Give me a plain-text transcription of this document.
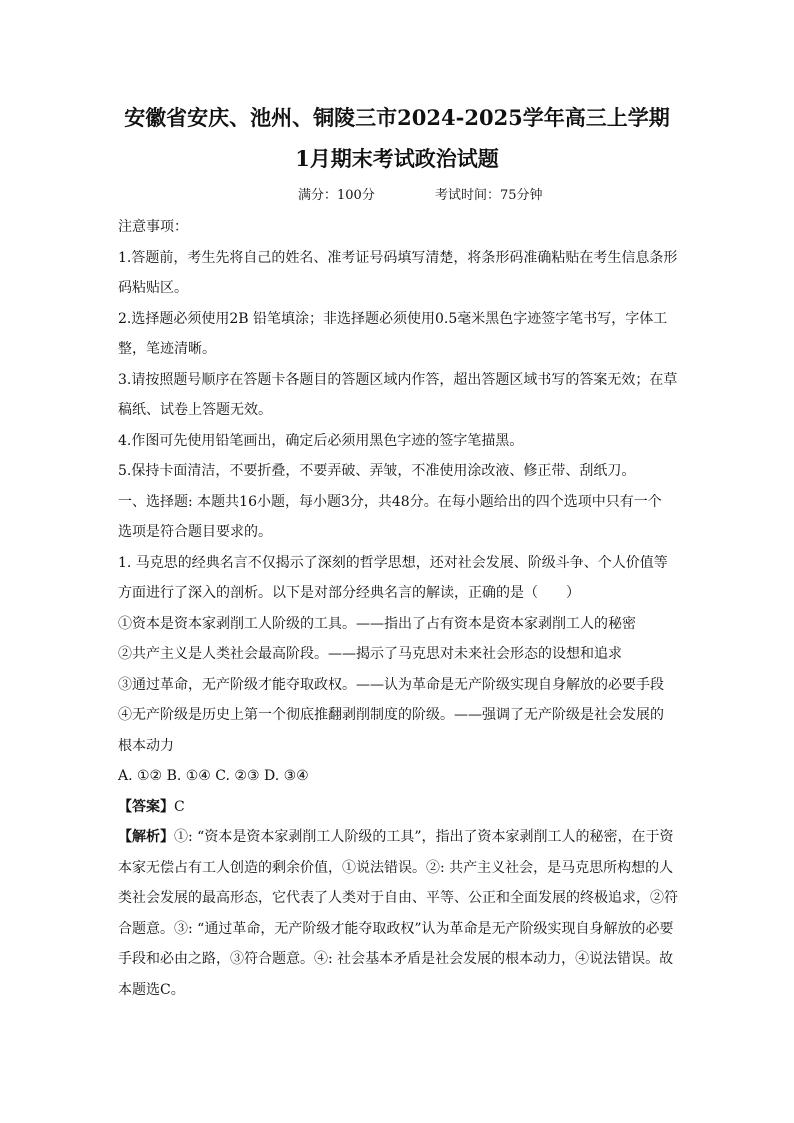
安徽省安庆、池州、铜陵三市2024-2025学年高三上学期
1月期末考试政治试题
满分：100分	考试时间：75分钟
注意事项：
1.答题前，考生先将自己的姓名、准考证号码填写清楚，将条形码准确粘贴在考生信息条形
码粘贴区。
2.选择题必须使用2B 铅笔填涂；非选择题必须使用0.5毫米黑色字迹签字笔书写，字体工
整，笔迹清晰。
3.请按照题号顺序在答题卡各题目的答题区域内作答，超出答题区域书写的答案无效；在草
稿纸、试卷上答题无效。
4.作图可先使用铅笔画出，确定后必须用黑色字迹的签字笔描黑。
5.保持卡面清洁，不要折叠，不要弄破、弄皱，不准使用涂改液、修正带、刮纸刀。
一、选择题: 本题共16小题，每小题3分，共48分。在每小题给出的四个选项中只有一个
选项是符合题目要求的。
1. 马克思的经典名言不仅揭示了深刻的哲学思想，还对社会发展、阶级斗争、个人价值等
方面进行了深入的剖析。以下是对部分经典名言的解读，正确的是（　　）
①资本是资本家剥削工人阶级的工具。——指出了占有资本是资本家剥削工人的秘密
②共产主义是人类社会最高阶段。——揭示了马克思对未来社会形态的设想和追求
③通过革命，无产阶级才能夺取政权。——认为革命是无产阶级实现自身解放的必要手段
④无产阶级是历史上第一个彻底推翻剥削制度的阶级。——强调了无产阶级是社会发展的
根本动力
A. ①② B. ①④ C. ②③ D. ③④
【答案】C
【解析】①: “资本是资本家剥削工人阶级的工具”，指出了资本家剥削工人的秘密，在于资
本家无偿占有工人创造的剩余价值，①说法错误。②: 共产主义社会，是马克思所构想的人
类社会发展的最高形态，它代表了人类对于自由、平等、公正和全面发展的终极追求，②符
合题意。③: “通过革命，无产阶级才能夺取政权”认为革命是无产阶级实现自身解放的必要
手段和必由之路，③符合题意。④: 社会基本矛盾是社会发展的根本动力，④说法错误。故
本题选C。
